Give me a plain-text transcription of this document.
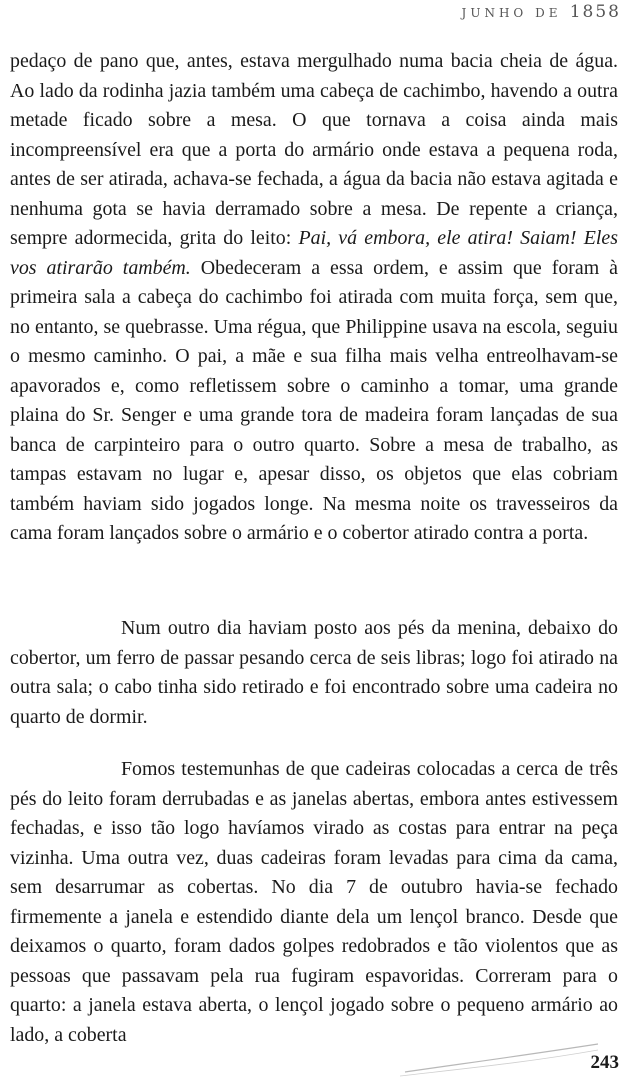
JUNHO DE 1858

pedaço de pano que, antes, estava mergulhado numa bacia cheia de água. Ao lado da rodinha jazia também uma cabeça de cachimbo, havendo a outra metade ficado sobre a mesa. O que tornava a coisa ainda mais incompreensível era que a porta do armário onde estava a pequena roda, antes de ser atirada, achava-se fechada, a água da bacia não estava agitada e nenhuma gota se havia derramado sobre a mesa. De repente a criança, sempre adormecida, grita do leito: Pai, vá embora, ele atira! Saiam! Eles vos atirarão também. Obedeceram a essa ordem, e assim que foram à primeira sala a cabeça do cachimbo foi atirada com muita força, sem que, no entanto, se quebrasse. Uma régua, que Philippine usava na escola, seguiu o mesmo caminho. O pai, a mãe e sua filha mais velha entreolhavam-se apavorados e, como refletissem sobre o caminho a tomar, uma grande plaina do Sr. Senger e uma grande tora de madeira foram lançadas de sua banca de carpinteiro para o outro quarto. Sobre a mesa de trabalho, as tampas estavam no lugar e, apesar disso, os objetos que elas cobriam também haviam sido jogados longe. Na mesma noite os travesseiros da cama foram lançados sobre o armário e o cobertor atirado contra a porta.

Num outro dia haviam posto aos pés da menina, debaixo do cobertor, um ferro de passar pesando cerca de seis libras; logo foi atirado na outra sala; o cabo tinha sido retirado e foi encontrado sobre uma cadeira no quarto de dormir.

Fomos testemunhas de que cadeiras colocadas a cerca de três pés do leito foram derrubadas e as janelas abertas, embora antes estivessem fechadas, e isso tão logo havíamos virado as costas para entrar na peça vizinha. Uma outra vez, duas cadeiras foram levadas para cima da cama, sem desarrumar as cobertas. No dia 7 de outubro havia-se fechado firmemente a janela e estendido diante dela um lençol branco. Desde que deixamos o quarto, foram dados golpes redobrados e tão violentos que as pessoas que passavam pela rua fugiram espavoridas. Correram para o quarto: a janela estava aberta, o lençol jogado sobre o pequeno armário ao lado, a coberta

243
